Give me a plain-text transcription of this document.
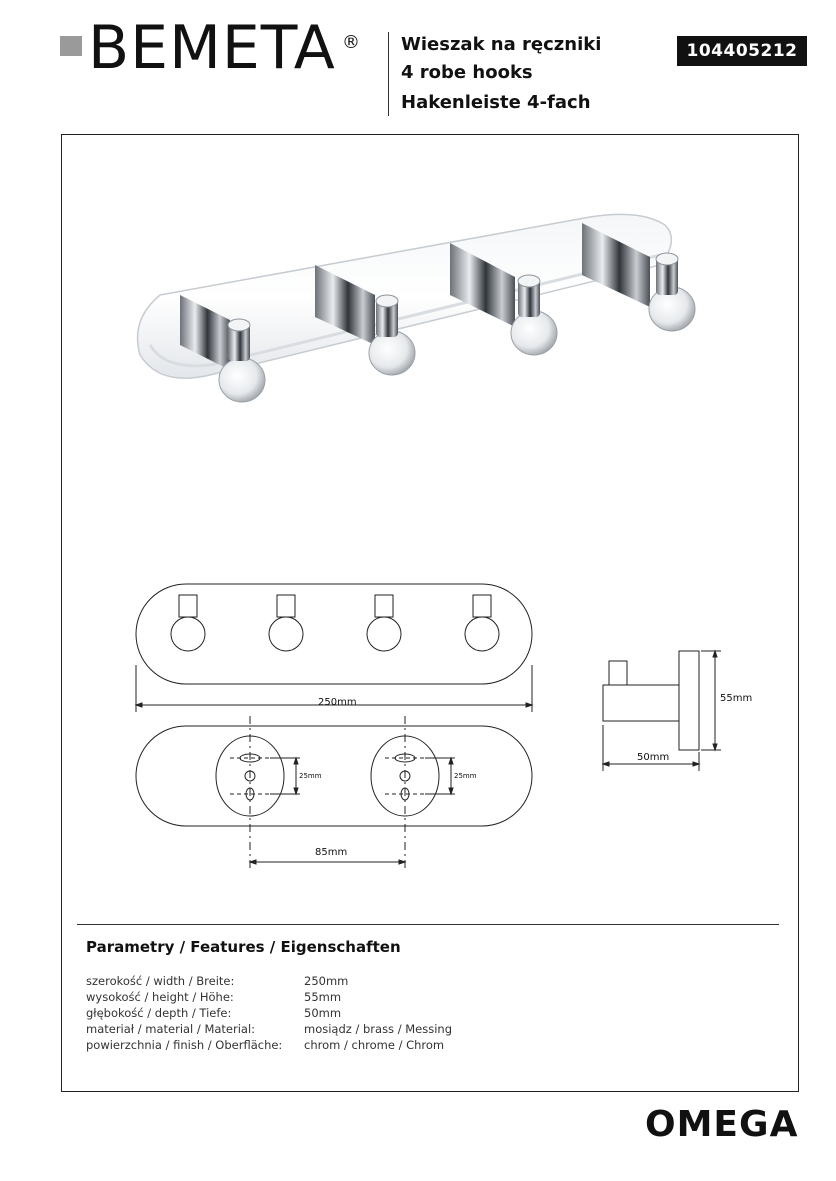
BEMETA ® Wieszak na ręczniki
4 robe hooks
Hakenleiste 4-fach
104405212
250mm
25mm	25mm
85mm
55mm
50mm
Parametry / Features / Eigenschaften
szerokość / width / Breite:	250mm
wysokość / height / Höhe:	55mm
głębokość / depth / Tiefe:	50mm
materiał / material / Material:	mosiądz / brass / Messing
powierzchnia / finish / Oberfläche: chrom / chrome / Chrom
OMEGA
